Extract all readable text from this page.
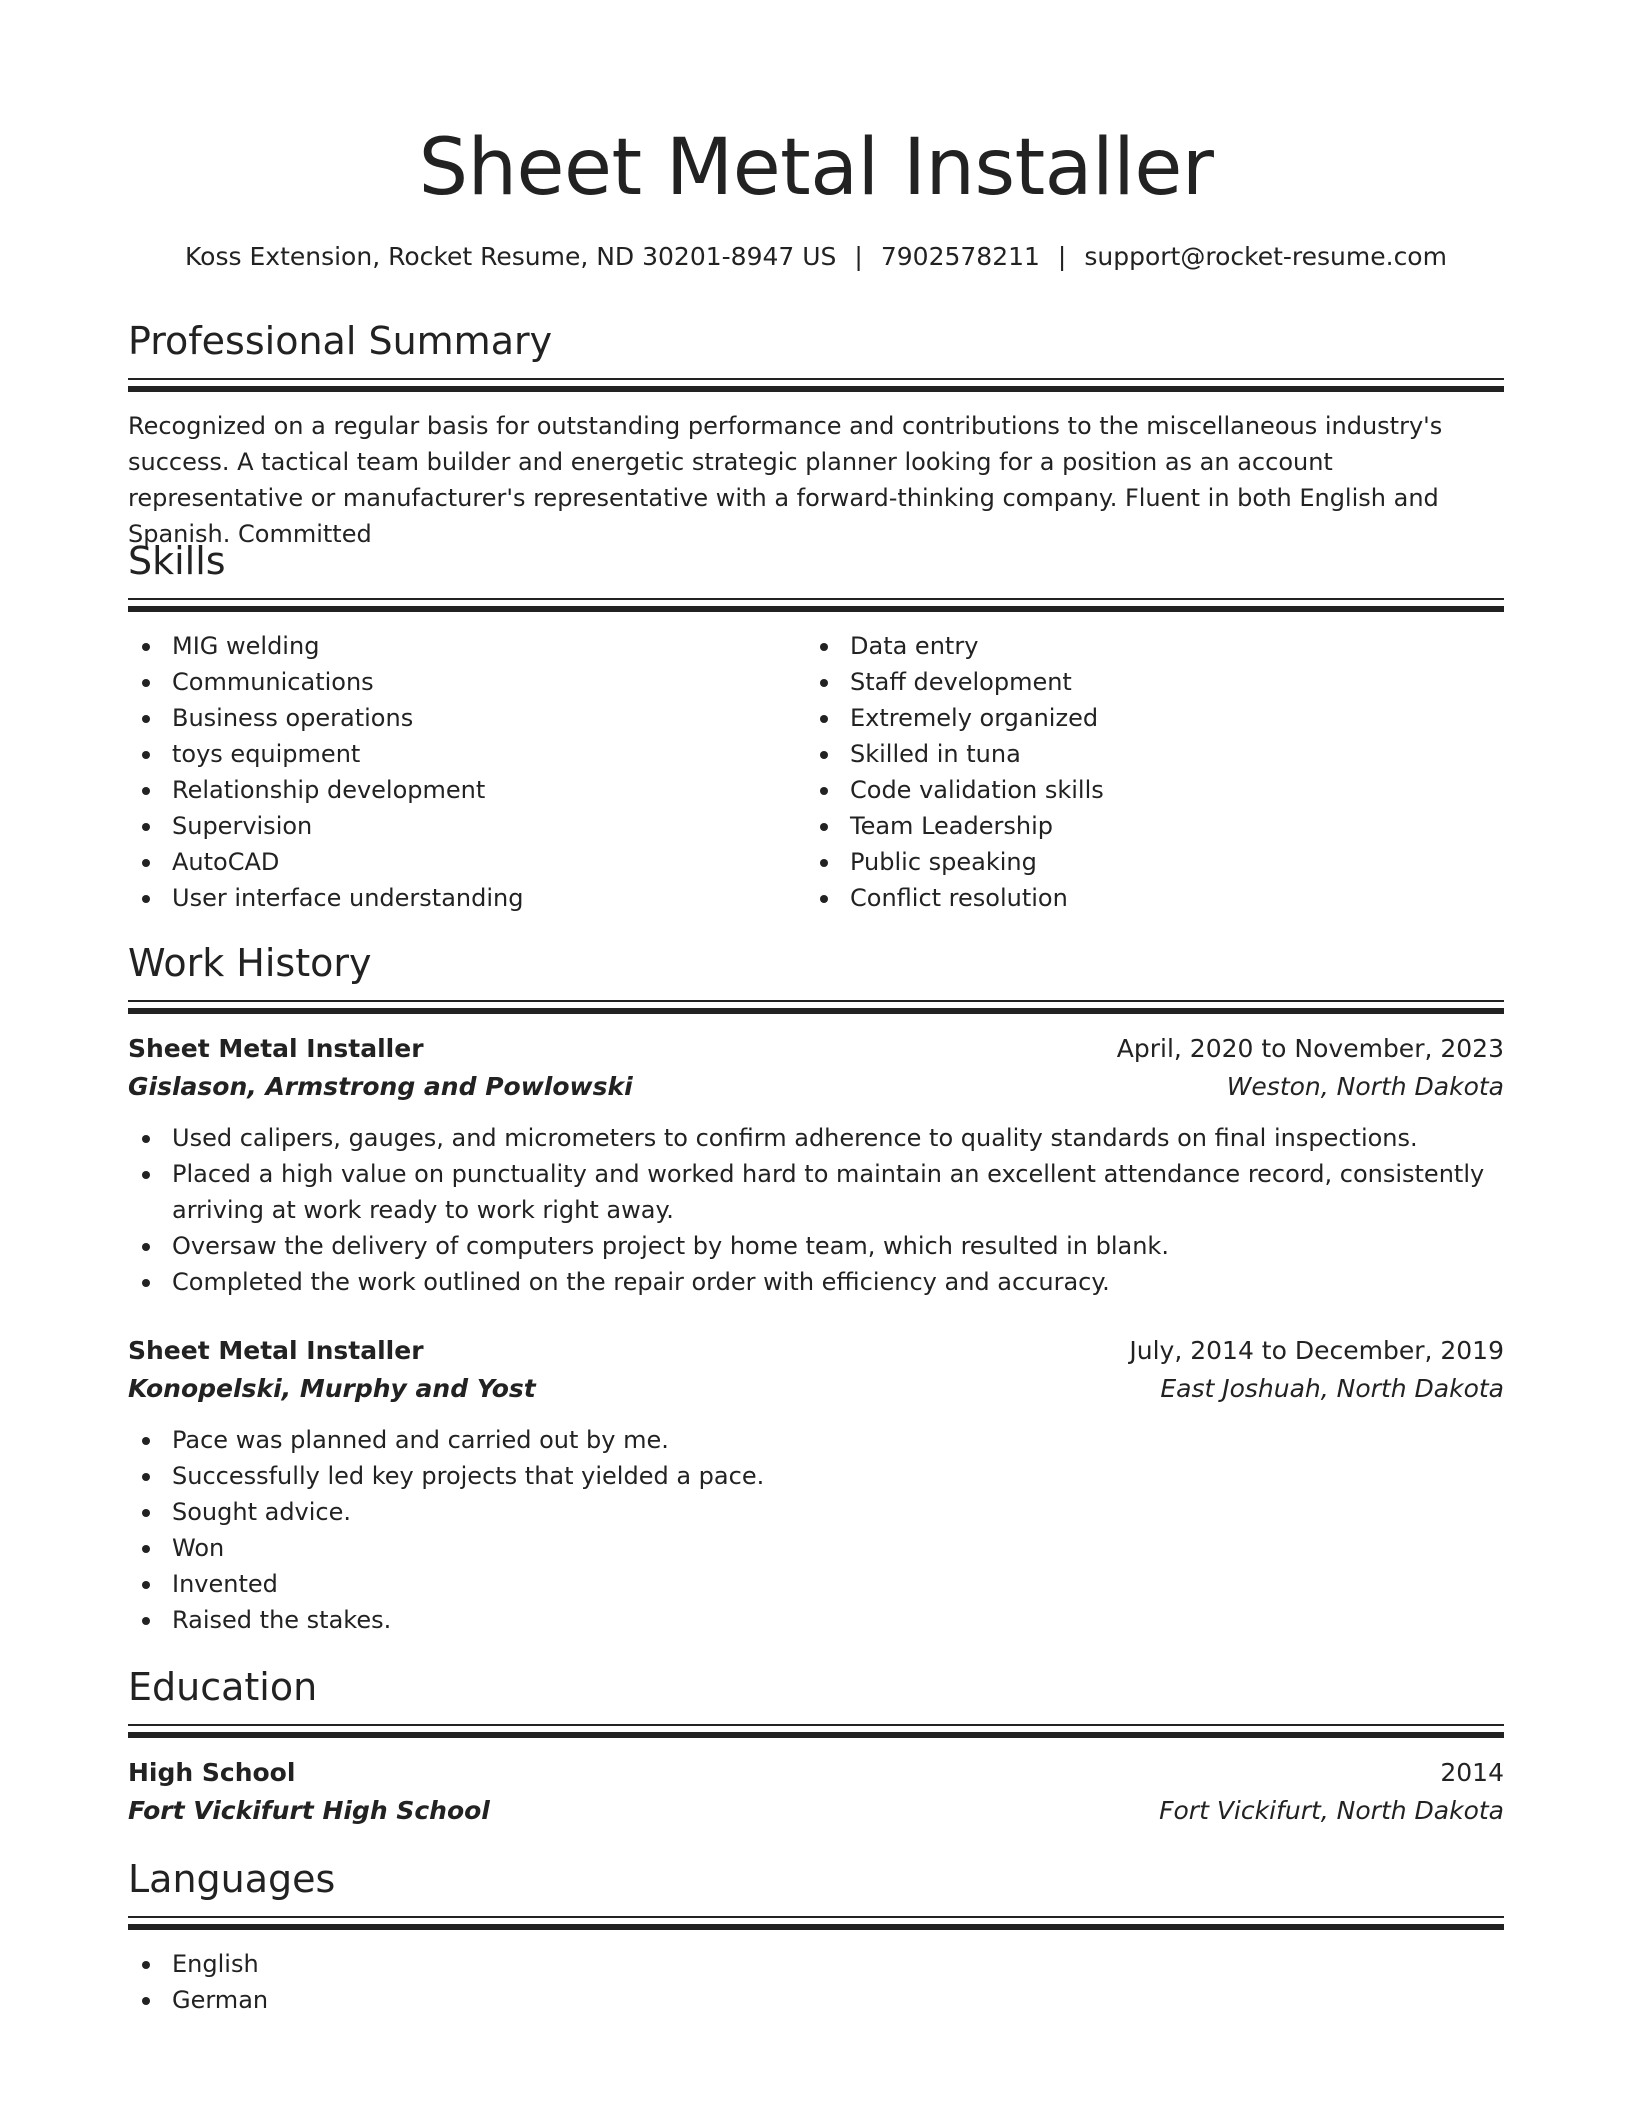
Sheet Metal Installer
Koss Extension, Rocket Resume, ND 30201-8947 US | 7902578211 | support@rocket-resume.com
Professional Summary
Recognized on a regular basis for outstanding performance and contributions to the miscellaneous industry's success. A tactical team builder and energetic strategic planner looking for a position as an account representative or manufacturer's representative with a forward-thinking company. Fluent in both English and Spanish. Committed
Skills
MIG welding
Communications
Business operations
toys equipment
Relationship development
Supervision
AutoCAD
User interface understanding
Data entry
Staff development
Extremely organized
Skilled in tuna
Code validation skills
Team Leadership
Public speaking
Conflict resolution
Work History
Sheet Metal Installer	April, 2020 to November, 2023
Gislason, Armstrong and Powlowski	Weston, North Dakota
Used calipers, gauges, and micrometers to confirm adherence to quality standards on final inspections.
Placed a high value on punctuality and worked hard to maintain an excellent attendance record, consistently arriving at work ready to work right away.
Oversaw the delivery of computers project by home team, which resulted in blank.
Completed the work outlined on the repair order with efficiency and accuracy.
Sheet Metal Installer	July, 2014 to December, 2019
Konopelski, Murphy and Yost	East Joshuah, North Dakota
Pace was planned and carried out by me.
Successfully led key projects that yielded a pace.
Sought advice.
Won
Invented
Raised the stakes.
Education
High School	2014
Fort Vickifurt High School	Fort Vickifurt, North Dakota
Languages
English
German
